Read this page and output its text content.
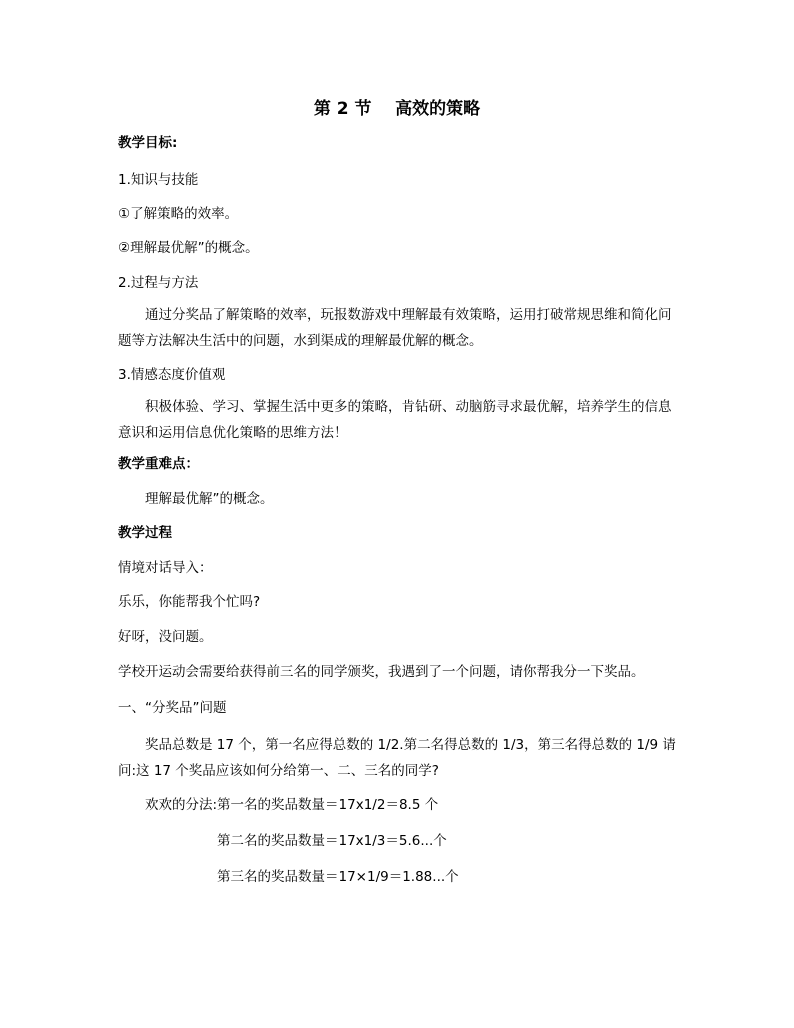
第 2 节    高效的策略
教学目标:
1.知识与技能
①了解策略的效率。
②理解最优解”的概念。
2.过程与方法
通过分奖品了解策略的效率，玩报数游戏中理解最有效策略，运用打破常规思维和简化问题等方法解决生活中的问题，水到渠成的理解最优解的概念。
3.情感态度价值观
积极体验、学习、掌握生活中更多的策略，肯钻研、动脑筋寻求最优解，培养学生的信息意识和运用信息优化策略的思维方法！
教学重难点：
理解最优解”的概念。
教学过程
情境对话导入：
乐乐，你能帮我个忙吗?
好呀，没问题。
学校开运动会需要给获得前三名的同学颁奖，我遇到了一个问题，请你帮我分一下奖品。
一、“分奖品”问题
奖品总数是 17 个，第一名应得总数的 1/2.第二名得总数的 1/3，第三名得总数的 1/9 请问:这 17 个奖品应该如何分给第一、二、三名的同学?
欢欢的分法:第一名的奖品数量＝17x1/2＝8.5 个
第二名的奖品数量＝17x1/3＝5.6...个
第三名的奖品数量＝17×1/9＝1.88...个
